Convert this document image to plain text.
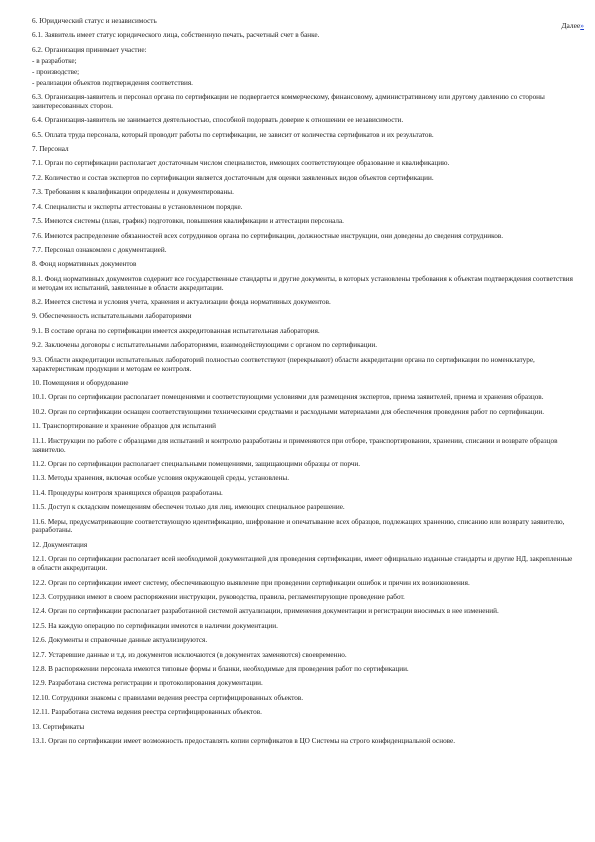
Далее»

6. Юридический статус и независимость

6.1. Заявитель имеет статус юридического лица, собственную печать, расчетный счет в банке.

6.2. Организация принимает участие:

- в разработке;

- производстве;

- реализации объектов подтверждения соответствия.

6.3. Организация-заявитель и персонал органа по сертификации не подвергается коммерческому, финансовому, административному или другому давлению со стороны заинтересованных сторон.

6.4. Организация-заявитель не занимается деятельностью, способной подорвать доверие к отношении ее независимости.

6.5. Оплата труда персонала, который проводит работы по сертификации, не зависит от количества сертификатов и их результатов.

7. Персонал

7.1. Орган по сертификации располагает достаточным числом специалистов, имеющих соответствующее образование и квалификацию.

7.2. Количество и состав экспертов по сертификации является достаточным для оценки заявленных видов объектов сертификации.

7.3. Требования к квалификации определены и документированы.

7.4. Специалисты и эксперты аттестованы в установленном порядке.

7.5. Имеются системы (план, график) подготовки, повышения квалификации и аттестации персонала.

7.6. Имеются распределение обязанностей всех сотрудников органа по сертификации, должностные инструкции, они доведены до сведения сотрудников.

7.7. Персонал ознакомлен с документацией.

8. Фонд нормативных документов

8.1. Фонд нормативных документов содержит все государственные стандарты и другие документы, в которых установлены требования к объектам подтверждения соответствия и методам их испытаний, заявленные в области аккредитации.

8.2. Имеется система и условия учета, хранения и актуализации фонда нормативных документов.

9. Обеспеченность испытательными лабораториями

9.1. В составе органа по сертификации имеется аккредитованная испытательная лаборатория.

9.2. Заключены договоры с испытательными лабораториями, взаимодействующими с органом по сертификации.

9.3. Области аккредитации испытательных лабораторий полностью соответствуют (перекрывают) области аккредитации органа по сертификации по номенклатуре, характеристикам продукции и методам ее контроля.

10. Помещения и оборудование

10.1. Орган по сертификации располагает помещениями и соответствующими условиями для размещения экспертов, приема заявителей, приема и хранения образцов.

10.2. Орган по сертификации оснащен соответствующими техническими средствами и расходными материалами для обеспечения проведения работ по сертификации.

11. Транспортирование и хранение образцов для испытаний

11.1. Инструкции по работе с образцами для испытаний и контролю разработаны и применяются при отборе, транспортировании, хранении, списании и возврате образцов заявителю.

11.2. Орган по сертификации располагает специальными помещениями, защищающими образцы от порчи.

11.3. Методы хранения, включая особые условия окружающей среды, установлены.

11.4. Процедуры контроля хранящихся образцов разработаны.

11.5. Доступ к складским помещениям обеспечен только для лиц, имеющих специальное разрешение.

11.6. Меры, предусматривающие соответствующую идентификацию, шифрование и опечатывание всех образцов, подлежащих хранению, списанию или возврату заявителю, разработаны.

12. Документация

12.1. Орган по сертификации располагает всей необходимой документацией для проведения сертификации, имеет официально изданные стандарты и другие НД, закрепленные в области аккредитации.

12.2. Орган по сертификации имеет систему, обеспечивающую выявление при проведении сертификации ошибок и причин их возникновения.

12.3. Сотрудники имеют в своем распоряжении инструкции, руководства, правила, регламентирующие проведение работ.

12.4. Орган по сертификации располагает разработанной системой актуализации, применения документации и регистрации вносимых в нее изменений.

12.5. На каждую операцию по сертификации имеются в наличии документации.

12.6. Документы и справочные данные актуализируются.

12.7. Устаревшие данные и т.д. из документов исключаются (в документах заменяются) своевременно.

12.8. В распоряжении персонала имеются типовые формы и бланки, необходимые для проведения работ по сертификации.

12.9. Разработана система регистрации и протоколирования документации.

12.10. Сотрудники знакомы с правилами ведения реестра сертифицированных объектов.

12.11. Разработана система ведения реестра сертифицированных объектов.

13. Сертификаты

13.1. Орган по сертификации имеет возможность предоставлять копии сертификатов в ЦО Системы на строго конфиденциальной основе.
